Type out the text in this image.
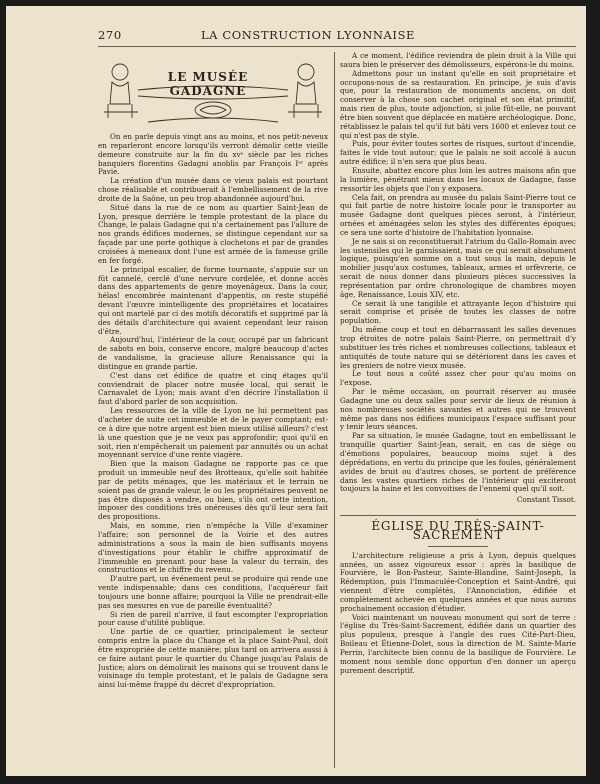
270	LA CONSTRUCTION LYONNAISE
LE MUSÉE GADAGNE

On en parle depuis vingt ans au moins, et nos petit-neveux en reparleront encore lorsqu'ils verront démolir cette vieille demeure construite sur la fin du xvᵉ siècle par les riches banquiers florentins Gadagni anoblis par François Iᵉʳ après Pavie.

La création d'un musée dans ce vieux palais est pourtant chose réalisable et contribuerait à l'embellissement de la rive droite de la Saône, un peu trop abandonnée aujourd'hui.

Situé dans la rue de ce nom au quartier Saint-Jean de Lyon, presque derrière le temple protestant de la place du Change, le palais Gadagne qui n'a certainement pas l'allure de nos grands édifices modernes, se distingue cependant sur sa façade par une porte gothique à clochetons et par de grandes croisées à meneaux dont l'une est armée de la fameuse grille en fer forgé.

Le principal escalier, de forme tournante, s'appuie sur un fût cannelé, cerclé d'une nervure cordelée, et donne accès dans des appartements de genre moyenâgeux. Dans la cour, hélas! encombrée maintenant d'appentis, on reste stupéfié devant l'œuvre inintelligente des propriétaires et locataires qui ont martelé par ci des motifs décoratifs et supprimé par là des détails d'architecture qui avaient cependant leur raison d'être.

Aujourd'hui, l'intérieur de la cour, occupé par un fabricant de sabots en bois, conserve encore, malgré beaucoup d'actes de vandalisme, la gracieuse allure Renaissance qui la distingue en grande partie.

C'est dans cet édifice de quatre et cinq étages qu'il conviendrait de placer notre musée local, qui serait le Carnavalet de Lyon; mais avant d'en décrire l'installation il faut d'abord parler de son acquisition.

Les ressources de la ville de Lyon ne lui permettent pas d'acheter de suite cet immeuble et de le payer comptant; est-ce à dire que notre argent est bien mieux utilisé ailleurs? c'est là une question que je ne veux pas approfondir; quoi qu'il en soit, rien n'empêcherait un paiement par annuités ou un achat moyennant service d'une rente viagère.

Bien que la maison Gadagne ne rapporte pas ce que produit un immeuble neuf des Brotteaux, qu'elle soit habitée par de petits ménages, que les matériaux et le terrain ne soient pas de grande valeur, le ou les propriétaires peuvent ne pas être disposés à vendre, ou bien, s'ils ont cette intention, imposer des conditions très onéreuses dès qu'il leur sera fait des propositions.

Mais, en somme, rien n'empêche la Ville d'examiner l'affaire; son personnel de la Voirie et des autres administrations a sous la main de bien suffisants moyens d'investigations pour établir le chiffre approximatif de l'immeuble en prenant pour base la valeur du terrain, des constructions et le chiffre du revenu.

D'autre part, un événement peut se produire qui rende une vente indispensable; dans ces conditions, l'acquéreur fait toujours une bonne affaire; pourquoi la Ville ne prendrait-elle pas ses mesures en vue de pareille éventualité?

Si rien de pareil n'arrive, il faut escompter l'expropriation pour cause d'utilité publique.

Une partie de ce quartier, principalement le secteur compris entre la place du Change et la place Saint-Paul, doit être expropriée de cette manière; plus tard on arrivera aussi à ce faire autant pour le quartier du Change jusqu'au Palais de Justice; alors on démolirait les maisons qui se trouvent dans le voisinage du temple protestant, et le palais de Gadagne sera ainsi lui-même frappé du décret d'expropriation.

A ce moment, l'édifice reviendra de plein droit à la Ville qui saura bien le préserver des démolisseurs, espérons-le du moins.

Admettons pour un instant qu'elle en soit propriétaire et occupons-nous de sa restauration. En principe, je suis d'avis que, pour la restauration de monuments anciens, on doit conserver à la chose son cachet original et son état primitif, mais rien de plus, toute adjonction, si jolie fût-elle, ne pouvant être bien souvent que déplacée en matière archéologique. Donc, rétablissez le palais tel qu'il fut bâti vers 1600 et enlevez tout ce qui n'est pas de style.

Puis, pour éviter toutes sortes de risques, surtout d'incendie, faites le vide tout autour; que le palais ne soit accolé à aucun autre édifice; il n'en sera que plus beau.

Ensuite, abattez encore plus loin les autres maisons afin que la lumière, pénétrant mieux dans les locaux de Gadagne, fasse ressortir les objets que l'on y exposera.

Cela fait, on prendra au musée du palais Saint-Pierre tout ce qui fait partie de notre histoire locale pour le transporter au musée Gadagne dont quelques pièces seront, à l'intérieur, ornées et aménagées selon les styles des différentes époques; ce sera une sorte d'histoire de l'habitation lyonnaise.

Je ne sais si on reconstituerait l'atrium du Gallo-Romain avec les ustensiles qui le garnissaient, mais ce qui serait absolument logique, puisqu'en somme on a tout sous la main, depuis le mobilier jusqu'aux costumes, tableaux, armes et orfèvrerie, ce serait de nous donner dans plusieurs pièces successives la représentation par ordre chronologique de chambres moyen âge, Renaissance, Louis XIV, etc.

Ce serait là une tangible et attrayante leçon d'histoire qui serait comprise et prisée de toutes les classes de notre population.

Du même coup et tout en débarrassant les salles devenues trop étroites de notre palais Saint-Pierre, on permettrait d'y substituer les très riches et nombreuses collections, tableaux et antiquités de toute nature qui se détériorent dans les caves et les greniers de notre vieux musée.

Le tout nous a coûté assez cher pour qu'au moins on l'expose.

Par le même occasion, on pourrait réserver au musée Gadagne une ou deux salles pour servir de lieux de réunion à nos nombreuses sociétés savantes et autres qui ne trouvent même pas dans nos édifices municipaux l'espace suffisant pour y tenir leurs séances.

Par sa situation, le musée Gadagne, tout en embellissant le tranquille quartier Saint-Jean, serait, en cas de siège ou d'émotions populaires, beaucoup moins sujet à des déprédations, en vertu du principe que les foules, généralement avides de bruit ou d'autres choses, se portent de préférence dans les vastes quartiers riches de l'intérieur qui exciteront toujours la haine et les convoitises de l'ennemi quel qu'il soit.

Constant Tissot.
ÉGLISE DU TRÈS-SAINT-SACREMENT

L'architecture religieuse a pris à Lyon, depuis quelques années, un assez vigoureux essor : après la basilique de Fourvière, le Bon-Pasteur, Sainte-Blandine, Saint-Joseph, la Rédemption, puis l'Immaculée-Conception et Saint-André, qui viennent d'être complétés, l'Annonciation, édifiée et complètement achevée en quelques années et que nous aurons prochainement occasion d'étudier.

Voici maintenant un nouveau monument qui sort de terre : l'église du Très-Saint-Sacrement, édifiée dans un quartier des plus populeux, presque à l'angle des rues Cité-Part-Dieu, Boileau et Étienne-Dolet, sous la direction de M. Sainte-Marie Perrin, l'architecte bien connu de la basilique de Fourvière. Le moment nous semble donc opportun d'en donner un aperçu purement descriptif.
